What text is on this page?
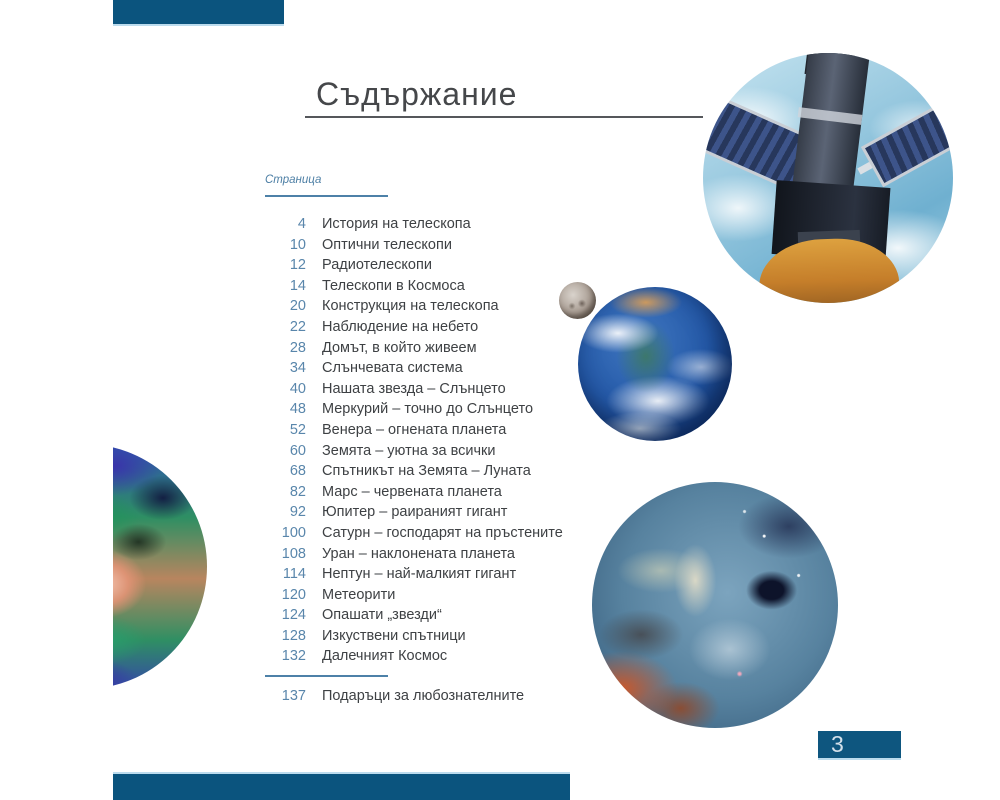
Съдържание
Страница
4 История на телескопа
10 Оптични телескопи
12 Радиотелескопи
14 Телескопи в Космоса
20 Конструкция на телескопа
22 Наблюдение на небето
28 Домът, в който живеем
34 Слънчевата система
40 Нашата звезда – Слънцето
48 Меркурий – точно до Слънцето
52 Венера – огнената планета
60 Земята – уютна за всички
68 Спътникът на Земята – Луната
82 Марс – червената планета
92 Юпитер – раираният гигант
100 Сатурн – господарят на пръстените
108 Уран – наклонената планета
114 Нептун – най-малкият гигант
120 Метеорити
124 Опашати „звезди“
128 Изкуствени спътници
132 Далечният Космос
137 Подаръци за любознателните
3
